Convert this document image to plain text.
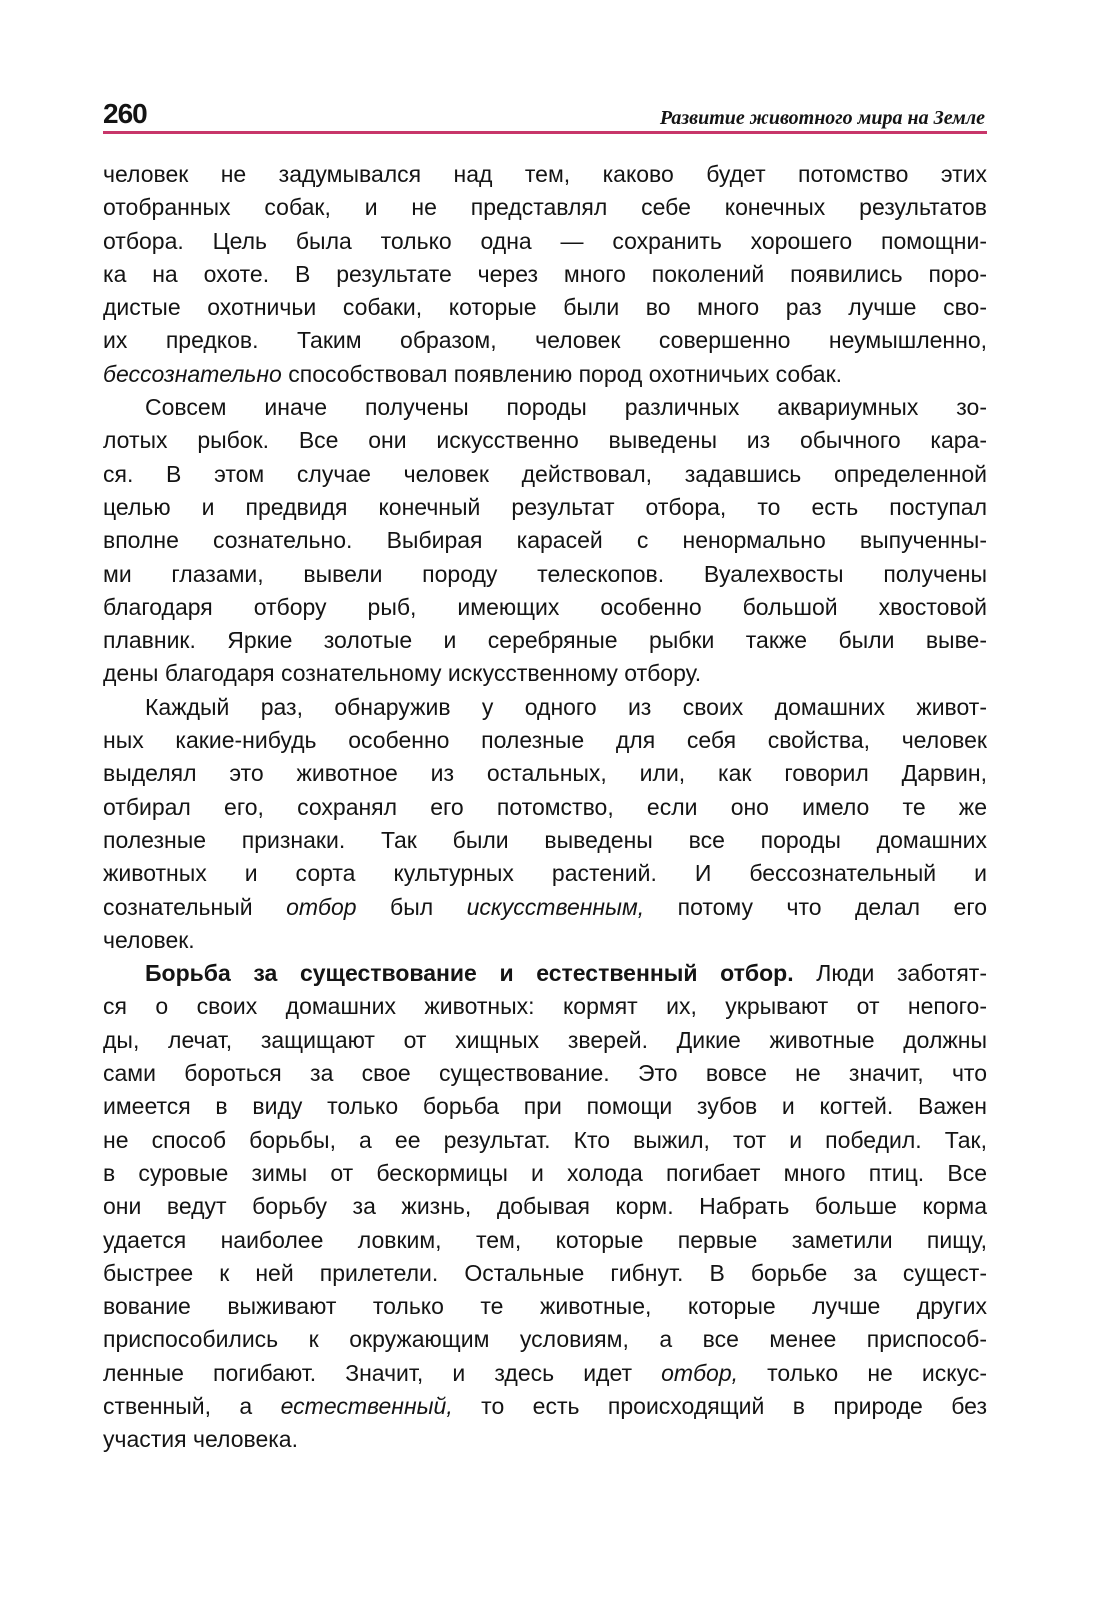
260	Развитие животного мира на Земле
человек не задумывался над тем, каково будет потомство этих
отобранных собак, и не представлял себе конечных результатов
отбора. Цель была только одна — сохранить хорошего помощни-
ка на охоте. В результате через много поколений появились поро-
дистые охотничьи собаки, которые были во много раз лучше сво-
их предков. Таким образом, человек совершенно неумышленно,
бессознательно способствовал появлению пород охотничьих собак.
Совсем иначе получены породы различных аквариумных зо-
лотых рыбок. Все они искусственно выведены из обычного кара-
ся. В этом случае человек действовал, задавшись определенной
целью и предвидя конечный результат отбора, то есть поступал
вполне сознательно. Выбирая карасей с ненормально выпученны-
ми глазами, вывели породу телескопов. Вуалехвосты получены
благодаря отбору рыб, имеющих особенно большой хвостовой
плавник. Яркие золотые и серебряные рыбки также были выве-
дены благодаря сознательному искусственному отбору.
Каждый раз, обнаружив у одного из своих домашних живот-
ных какие-нибудь особенно полезные для себя свойства, человек
выделял это животное из остальных, или, как говорил Дарвин,
отбирал его, сохранял его потомство, если оно имело те же
полезные признаки. Так были выведены все породы домашних
животных и сорта культурных растений. И бессознательный и
сознательный отбор был искусственным, потому что делал его
человек.
Борьба за существование и естественный отбор. Люди заботят-
ся о своих домашних животных: кормят их, укрывают от непого-
ды, лечат, защищают от хищных зверей. Дикие животные должны
сами бороться за свое существование. Это вовсе не значит, что
имеется в виду только борьба при помощи зубов и когтей. Важен
не способ борьбы, а ее результат. Кто выжил, тот и победил. Так,
в суровые зимы от бескормицы и холода погибает много птиц. Все
они ведут борьбу за жизнь, добывая корм. Набрать больше корма
удается наиболее ловким, тем, которые первые заметили пищу,
быстрее к ней прилетели. Остальные гибнут. В борьбе за сущест-
вование выживают только те животные, которые лучше других
приспособились к окружающим условиям, а все менее приспособ-
ленные погибают. Значит, и здесь идет отбор, только не искус-
ственный, а естественный, то есть происходящий в природе без
участия человека.
